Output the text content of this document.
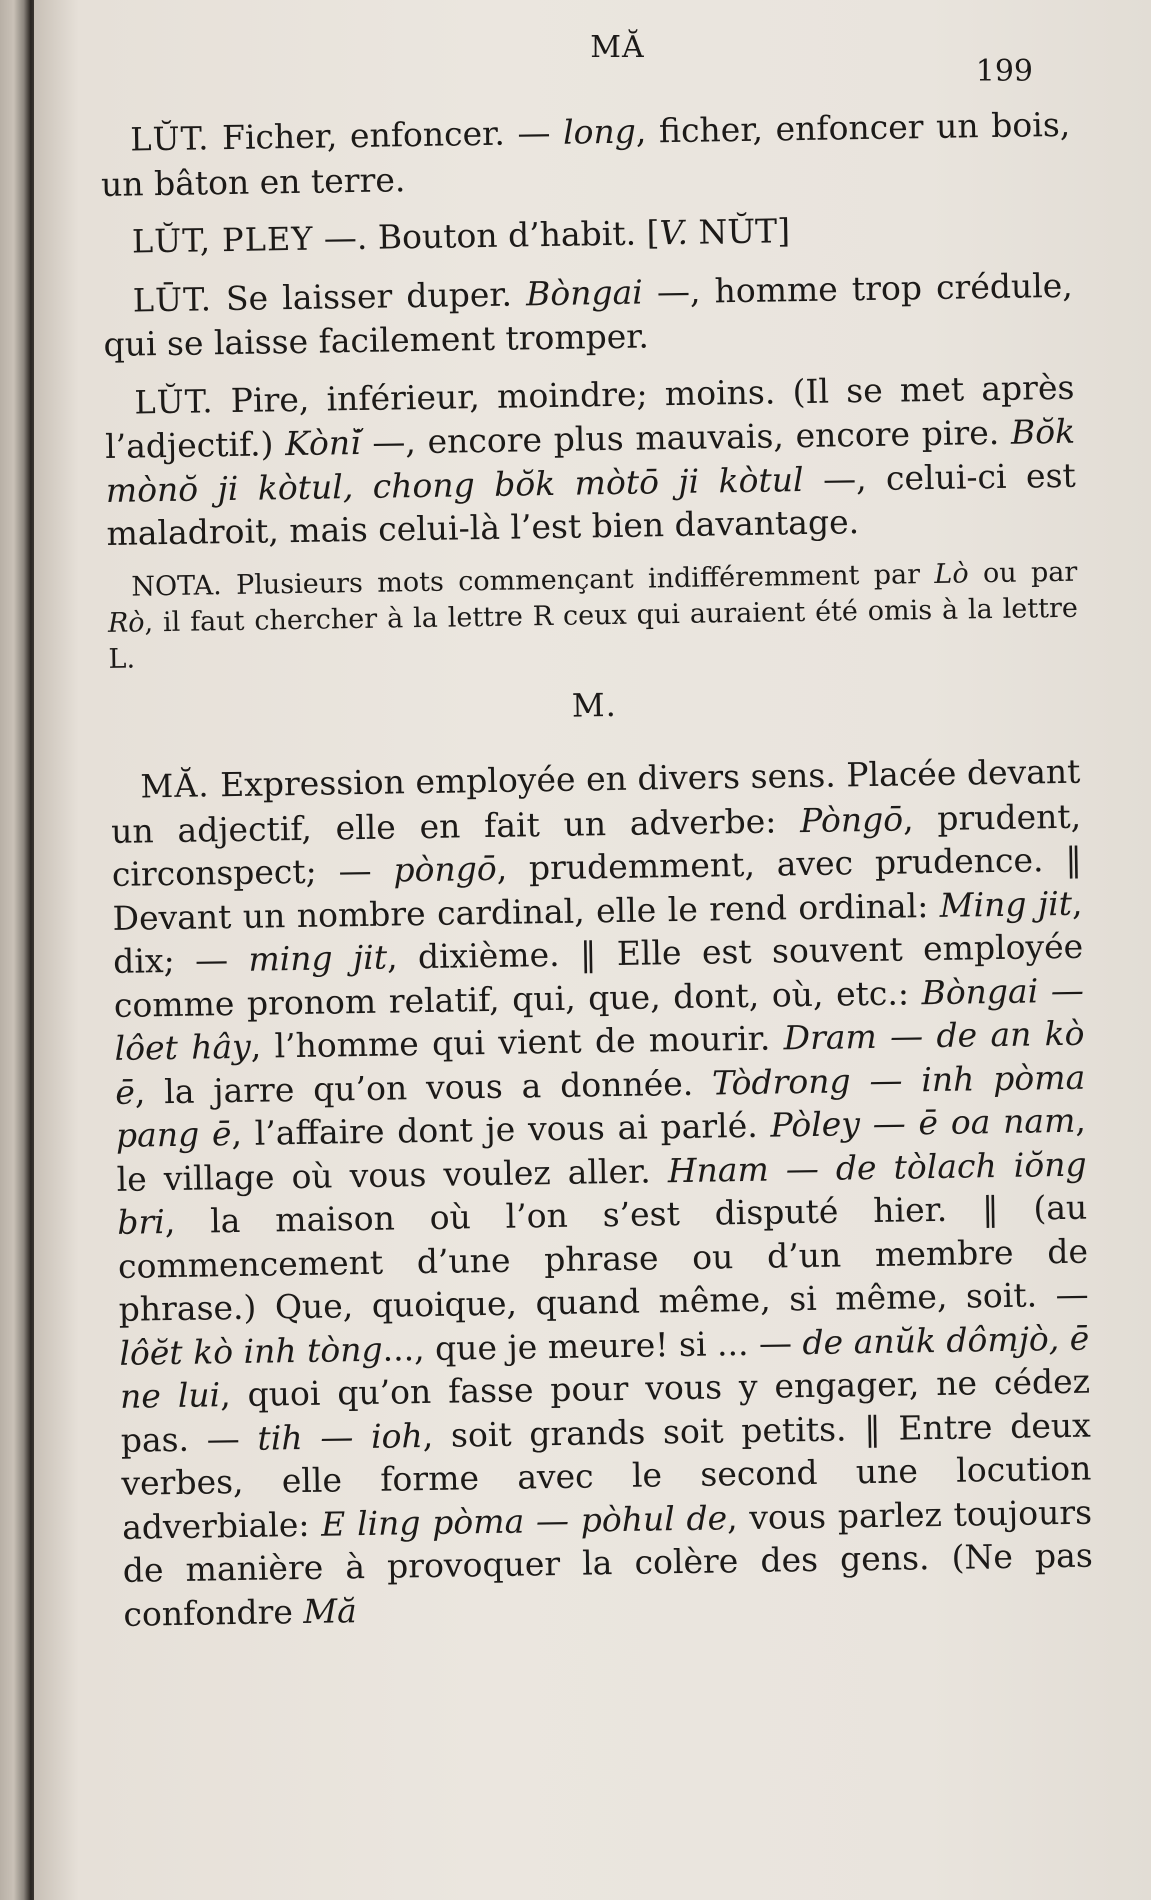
MĂ
199

LŬT. Ficher, enfoncer. — long, ficher, enfoncer un bois, un bâton en terre.

LŬT, PLEY —. Bouton d’habit. [V. NŬT]

LŪT. Se laisser duper. Bòngai —, homme trop crédule, qui se laisse facilement tromper.

LŬT. Pire, inférieur, moindre; moins. (Il se met après l’adjectif.) Kòni̇̆ —, encore plus mauvais, encore pire. Bŏk mònŏ ji kòtul, chong bŏk mòtō ji kòtul —, celui-ci est maladroit, mais celui-là l’est bien davantage.

NOTA. Plusieurs mots commençant indifféremment par Lò ou par Rò, il faut chercher à la lettre R ceux qui auraient été omis à la lettre L.

M.

MĂ. Expression employée en divers sens. Placée devant un adjectif, elle en fait un adverbe: Pòngō, prudent, circonspect; — pòngō, prudemment, avec prudence. ‖ Devant un nombre cardinal, elle le rend ordinal: Ming jit, dix; — ming jit, dixième. ‖ Elle est souvent employée comme pronom relatif, qui, que, dont, où, etc.: Bòngai — lôet hây, l’homme qui vient de mourir. Dram — de an kò ē, la jarre qu’on vous a donnée. Tòdrong — inh pòma pang ē, l’affaire dont je vous ai parlé. Pòley — ē oa nam, le village où vous voulez aller. Hnam — de tòlach iŏng bri, la maison où l’on s’est disputé hier. ‖ (au commencement d’une phrase ou d’un membre de phrase.) Que, quoique, quand même, si même, soit. — lôĕt kò inh tòng..., que je meure! si ... — de anŭk dômjò, ē ne lui, quoi qu’on fasse pour vous y engager, ne cédez pas. — tih — ioh, soit grands soit petits. ‖ Entre deux verbes, elle forme avec le second une locution adverbiale: E ling pòma — pòhul de, vous parlez toujours de manière à provoquer la colère des gens. (Ne pas confondre Mă
